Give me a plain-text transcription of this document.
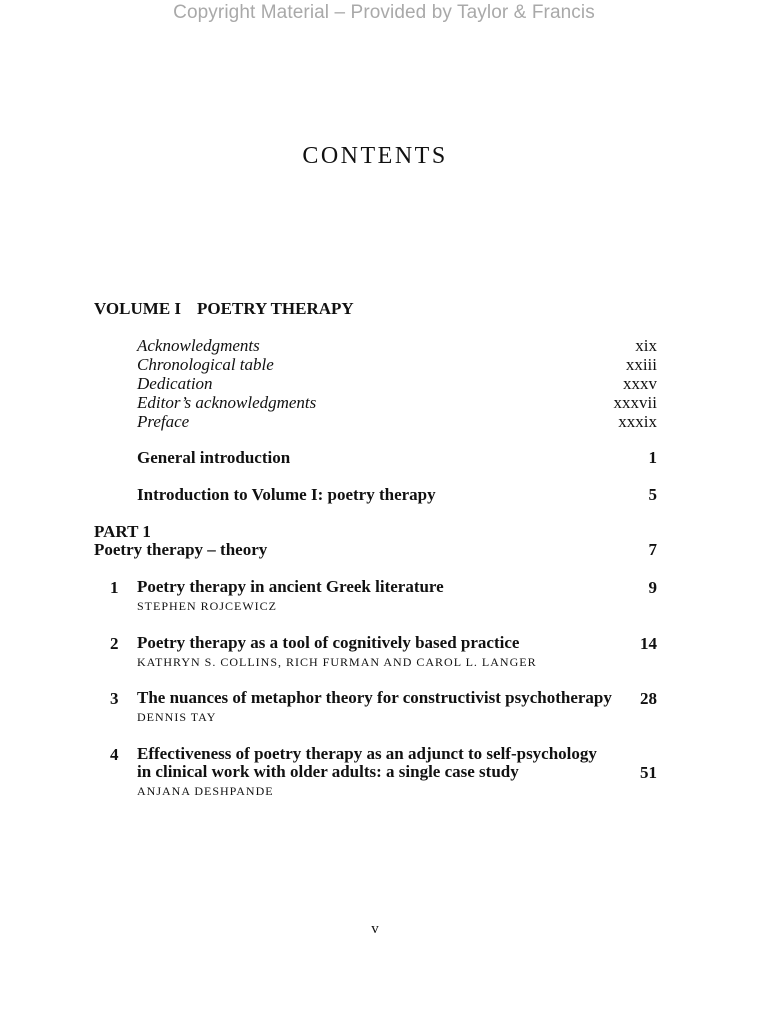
Copyright Material – Provided by Taylor & Francis
CONTENTS
VOLUME I POETRY THERAPY
Acknowledgments	xix
Chronological table	xxiii
Dedication	xxxv
Editor’s acknowledgments	xxxvii
Preface	xxxix
General introduction	1
Introduction to Volume I: poetry therapy	5
PART 1
Poetry therapy – theory	7
1 Poetry therapy in ancient Greek literature	9
STEPHEN ROJCEWICZ
2 Poetry therapy as a tool of cognitively based practice	14
KATHRYN S. COLLINS, RICH FURMAN AND CAROL L. LANGER
3 The nuances of metaphor theory for constructivist psychotherapy	28
DENNIS TAY
4 Effectiveness of poetry therapy as an adjunct to self-psychology
in clinical work with older adults: a single case study	51
ANJANA DESHPANDE
v
